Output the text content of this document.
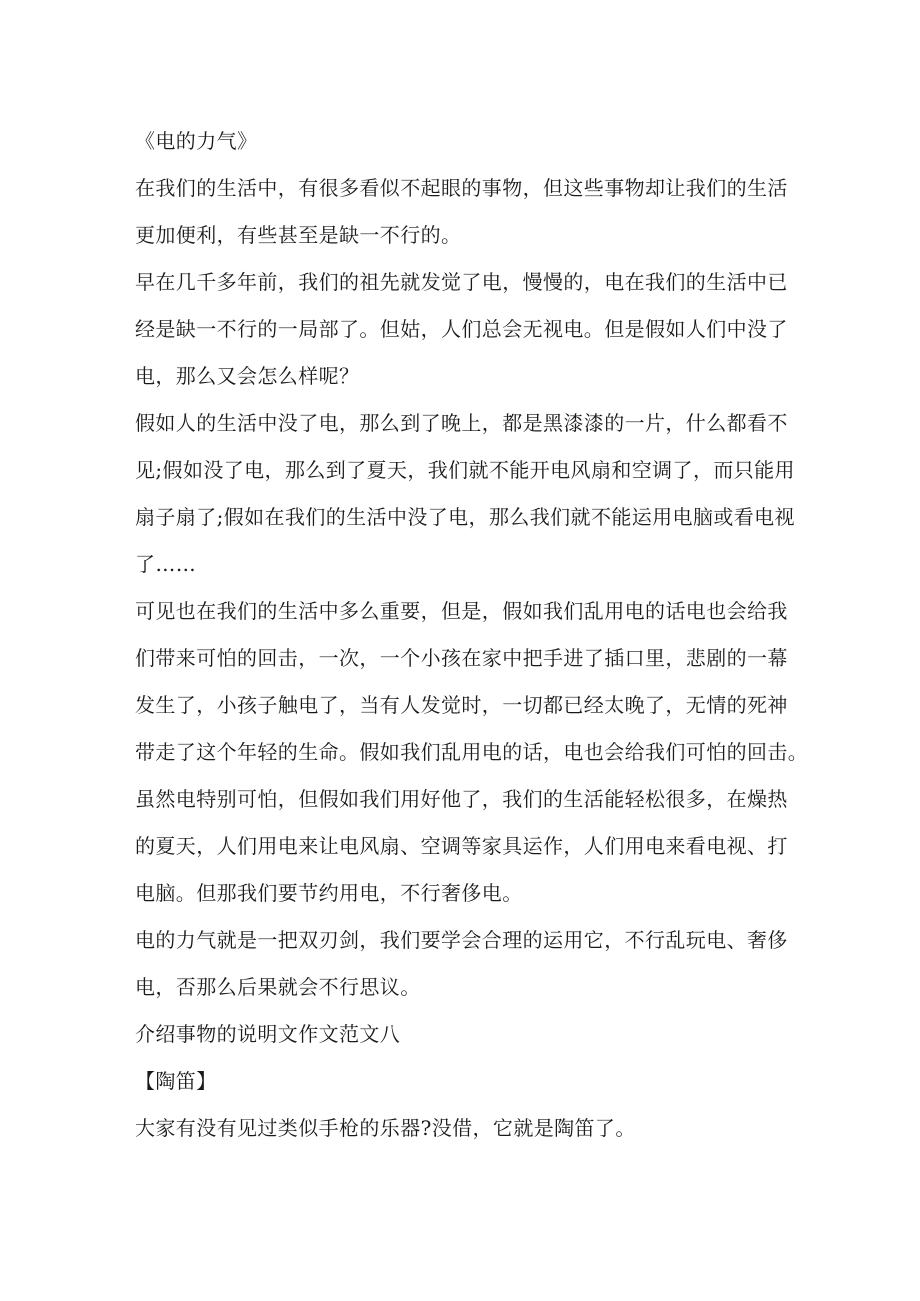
《电的力气》
在我们的生活中，有很多看似不起眼的事物，但这些事物却让我们的生活
更加便利，有些甚至是缺一不行的。
早在几千多年前，我们的祖先就发觉了电，慢慢的，电在我们的生活中已
经是缺一不行的一局部了。但姑，人们总会无视电。但是假如人们中没了
电，那么又会怎么样呢？
假如人的生活中没了电，那么到了晚上，都是黑漆漆的一片，什么都看不
见;假如没了电，那么到了夏天，我们就不能开电风扇和空调了，而只能用
扇子扇了;假如在我们的生活中没了电，那么我们就不能运用电脑或看电视
了……
可见也在我们的生活中多么重要，但是，假如我们乱用电的话电也会给我
们带来可怕的回击，一次，一个小孩在家中把手进了插口里，悲剧的一幕
发生了，小孩子触电了，当有人发觉时，一切都已经太晚了，无情的死神
带走了这个年轻的生命。假如我们乱用电的话，电也会给我们可怕的回击。
虽然电特别可怕，但假如我们用好他了，我们的生活能轻松很多，在燥热
的夏天，人们用电来让电风扇、空调等家具运作，人们用电来看电视、打
电脑。但那我们要节约用电，不行奢侈电。
电的力气就是一把双刃剑，我们要学会合理的运用它，不行乱玩电、奢侈
电，否那么后果就会不行思议。
介绍事物的说明文作文范文八
【陶笛】
大家有没有见过类似手枪的乐器?没借，它就是陶笛了。
